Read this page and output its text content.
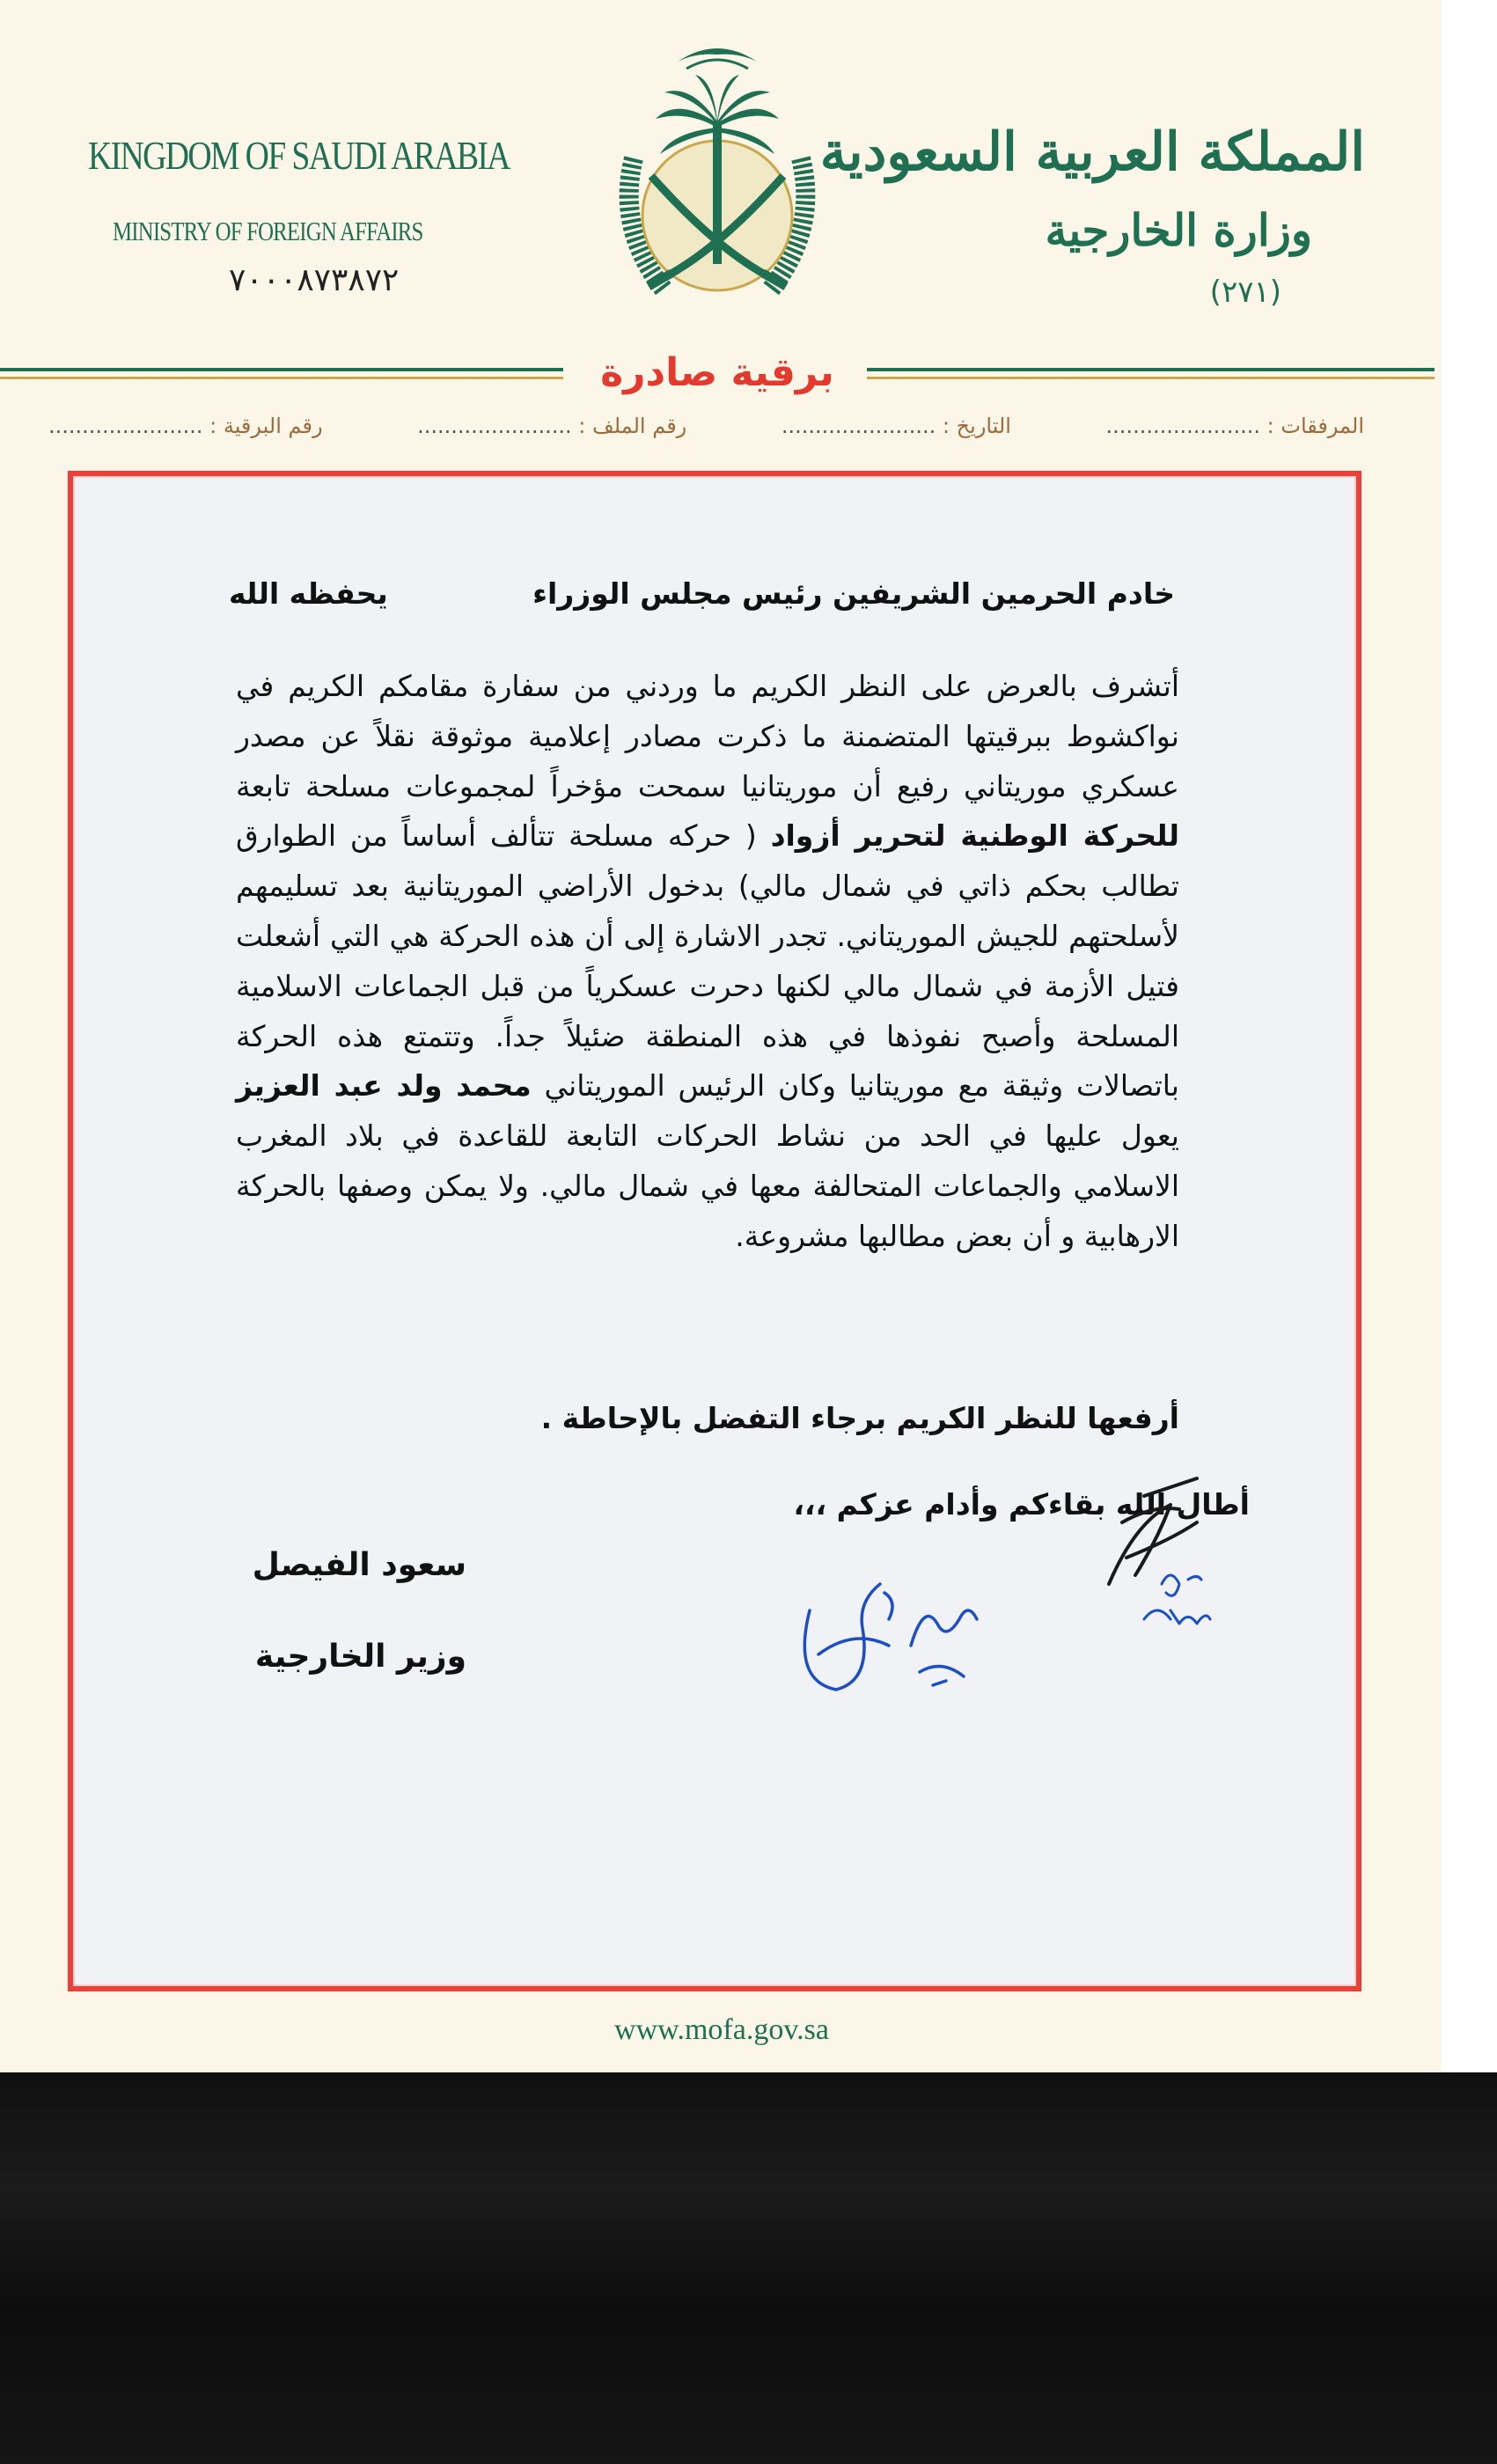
KINGDOM OF SAUDI ARABIA
MINISTRY OF FOREIGN AFFAIRS
٧٠٠٠٨٧٣٨٧٢
المملكة العربية السعودية
وزارة الخارجية
(٢٧١)
برقية صادرة
رقم البرقية : .......................	رقم الملف : .......................	التاريخ : .......................	المرفقات : .......................
خادم الحرمين الشريفين رئيس مجلس الوزراء
يحفظه الله
أتشرف بالعرض على النظر الكريم ما وردني من سفارة مقامكم الكريم في نواكشوط ببرقيتها المتضمنة ما ذكرت مصادر إعلامية موثوقة نقلاً عن مصدر عسكري موريتاني رفيع أن موريتانيا سمحت مؤخراً لمجموعات مسلحة تابعة للحركة الوطنية لتحرير أزواد ( حركه مسلحة تتألف أساساً من الطوارق تطالب بحكم ذاتي في شمال مالي) بدخول الأراضي الموريتانية بعد تسليمهم لأسلحتهم للجيش الموريتاني. تجدر الاشارة إلى أن هذه الحركة هي التي أشعلت فتيل الأزمة في شمال مالي لكنها دحرت عسكرياً من قبل الجماعات الاسلامية المسلحة وأصبح نفوذها في هذه المنطقة ضئيلاً جداً. وتتمتع هذه الحركة باتصالات وثيقة مع موريتانيا وكان الرئيس الموريتاني محمد ولد عبد العزيز يعول عليها في الحد من نشاط الحركات التابعة للقاعدة في بلاد المغرب الاسلامي والجماعات المتحالفة معها في شمال مالي. ولا يمكن وصفها بالحركة الارهابية و أن بعض مطالبها مشروعة.
أرفعها للنظر الكريم برجاء التفضل بالإحاطة .
أطال الله بقاءكم وأدام عزكم ،،،
سعود الفيصل
وزير الخارجية
www.mofa.gov.sa
